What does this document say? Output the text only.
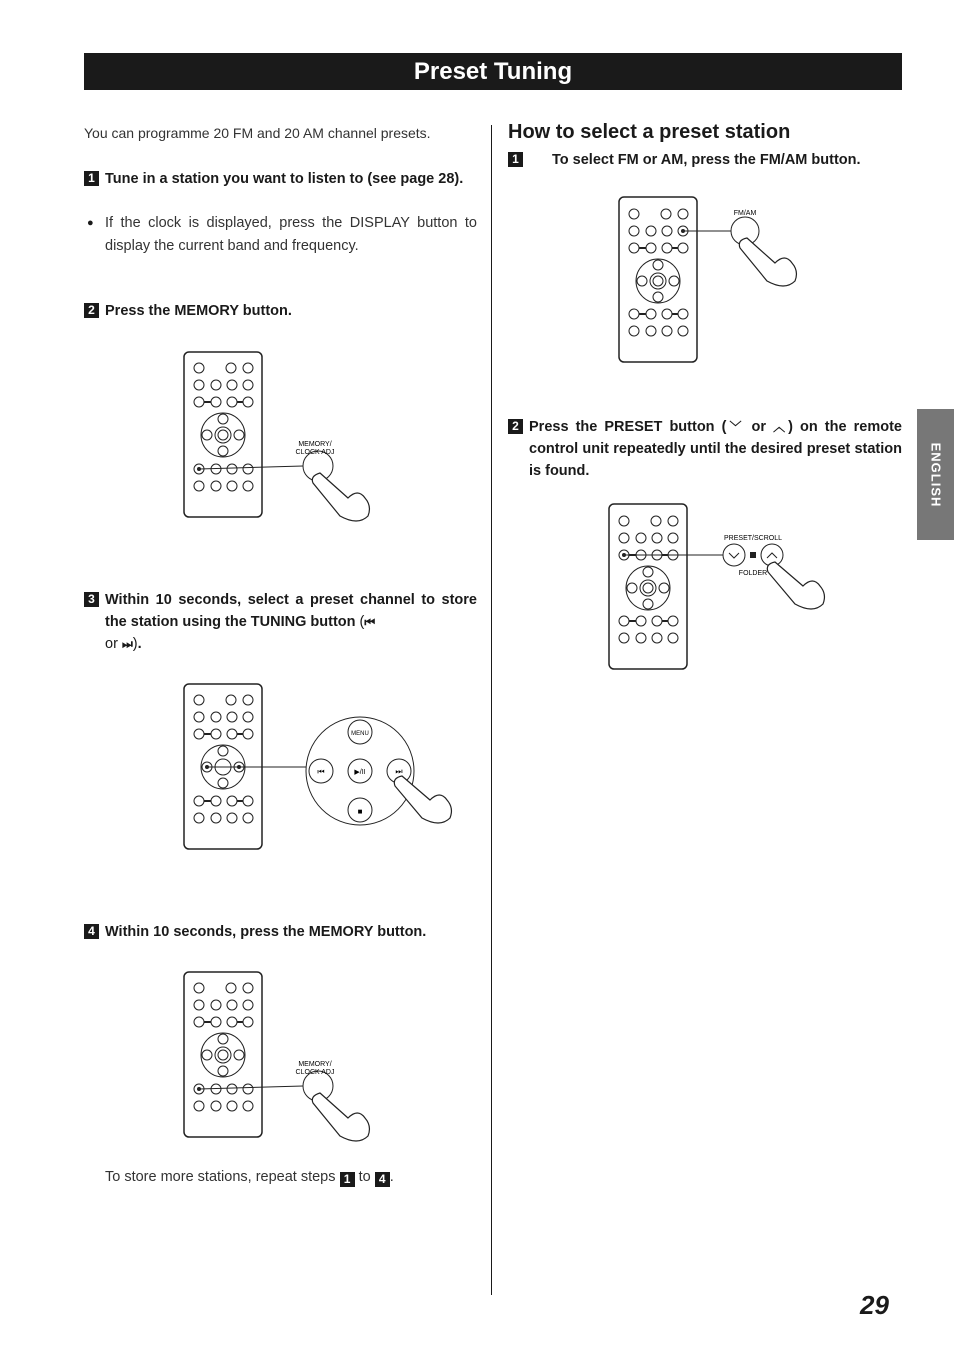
Preset Tuning
You can programme 20 FM and 20 AM channel presets.
1 Tune in a station you want to listen to (see page 28).
● If the clock is displayed, press the DISPLAY button to display the current band and frequency.
2 Press the MEMORY button.
MEMORY/
CLOCK ADJ
3 Within 10 seconds, select a preset channel to store the station using the TUNING button (⏮
or ⏭).
MENU
⏮	▶/II	⏭
■
4 Within 10 seconds, press the MEMORY button.
MEMORY/
CLOCK ADJ
To store more stations, repeat steps 1 to 4 .
How to select a preset station
1 To select FM or AM, press the FM/AM button.
FM/AM
2 Press the PRESET button (﹀ or ︿) on the remote control unit repeatedly until the desired preset station is found.
PRESET/SCROLL
FOLDER
ENGLISH
29
